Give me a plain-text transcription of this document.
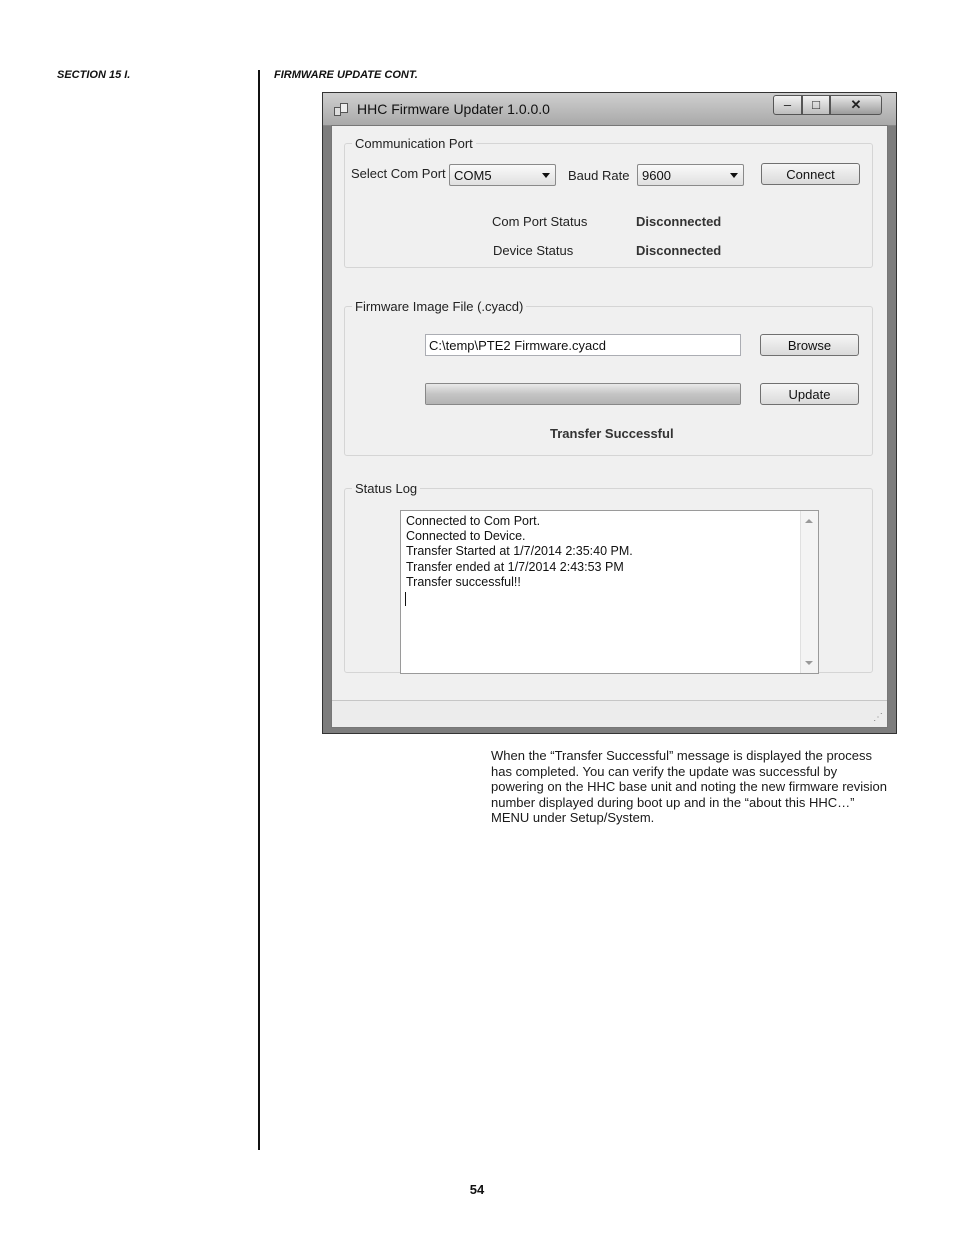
SECTION 15 I.	FIRMWARE UPDATE CONT.
HHC Firmware Updater 1.0.0.0	–	□	✕
Communication Port
Select Com Port COM5	Baud Rate 9600	Connect
Com Port Status	Disconnected
Device Status	Disconnected
Firmware Image File (.cyacd)
C:\temp\PTE2 Firmware.cyacd	Browse
Update
Transfer Successful
Status Log
Connected to Com Port.
Connected to Device.
Transfer Started at 1/7/2014 2:35:40 PM.
Transfer ended at 1/7/2014 2:43:53 PM
Transfer successful!!
⋰
When the “Transfer Successful” message is displayed the process has completed. You can verify the update was successful by powering on the HHC base unit and noting the new firmware revision number displayed during boot up and in the “about this HHC…” MENU under Setup/System.
54
